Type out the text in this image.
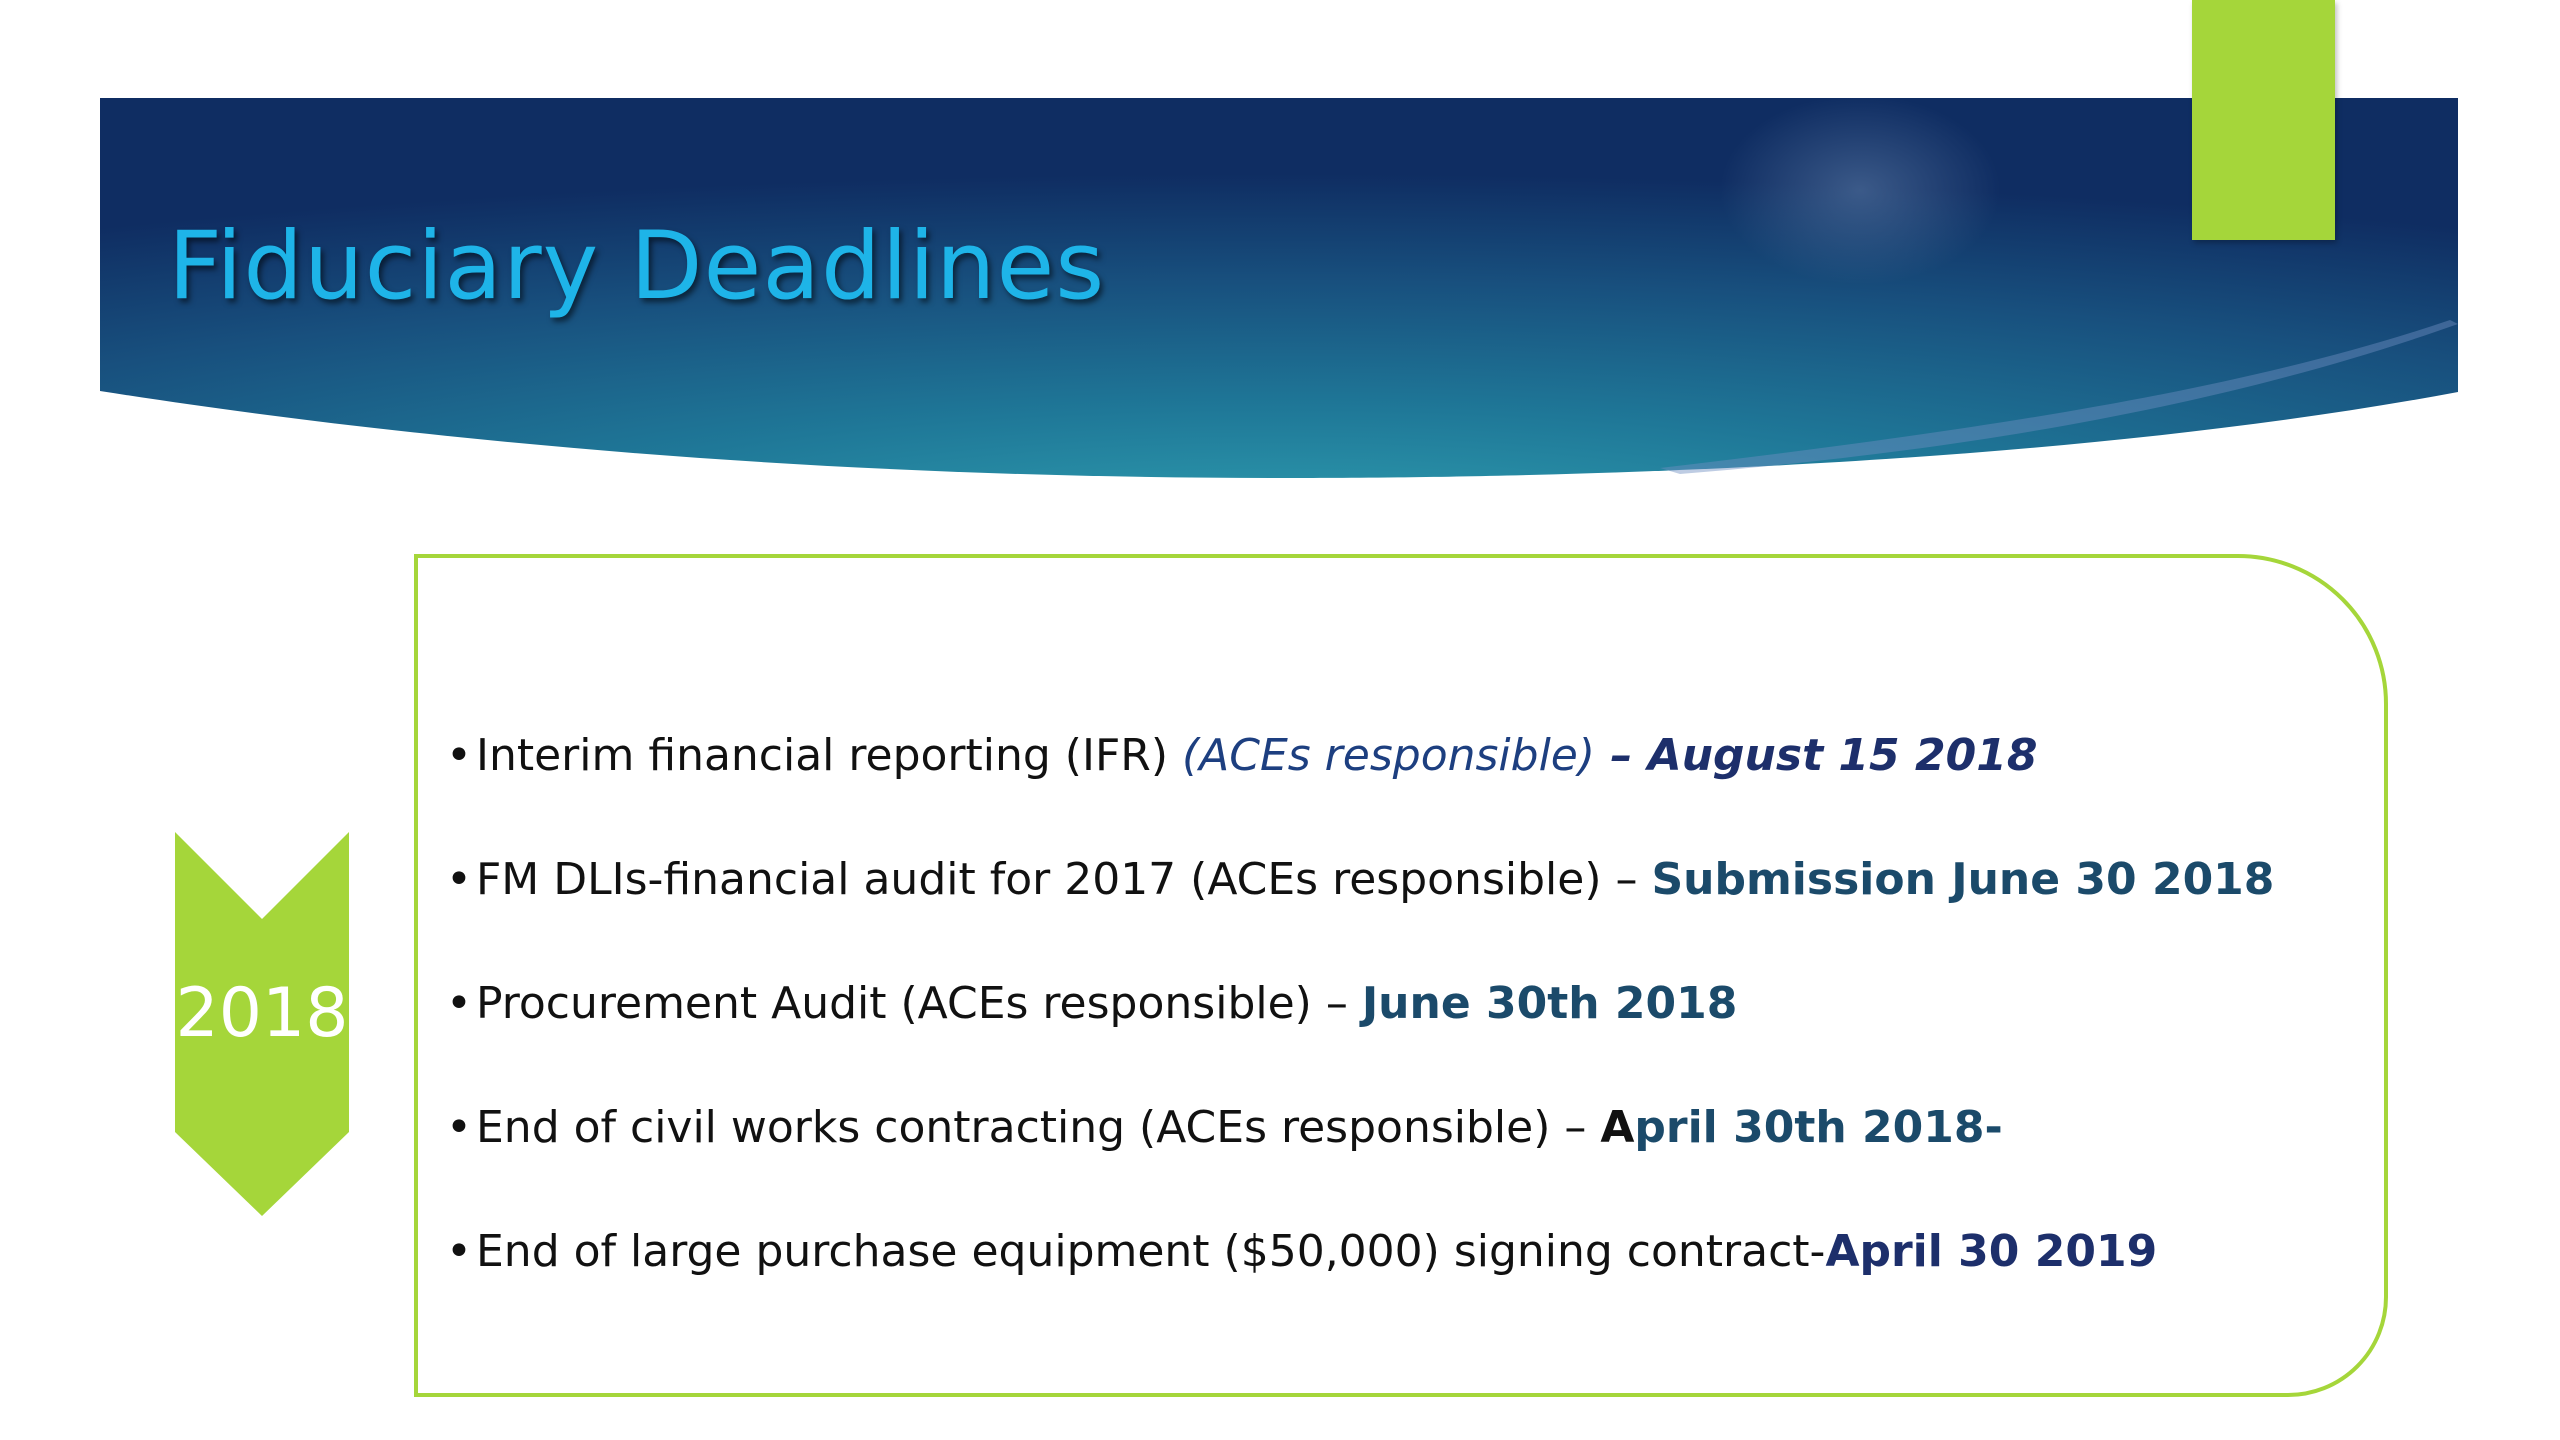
Fiduciary Deadlines
2018
•Interim financial reporting (IFR) (ACEs responsible) – August 15 2018
•FM DLIs-financial audit for 2017 (ACEs responsible) – Submission June 30 2018
•Procurement Audit (ACEs responsible) – June 30th 2018
•End of civil works contracting (ACEs responsible) – April 30th 2018-
•End of large purchase equipment ($50,000) signing contract-April 30 2019
